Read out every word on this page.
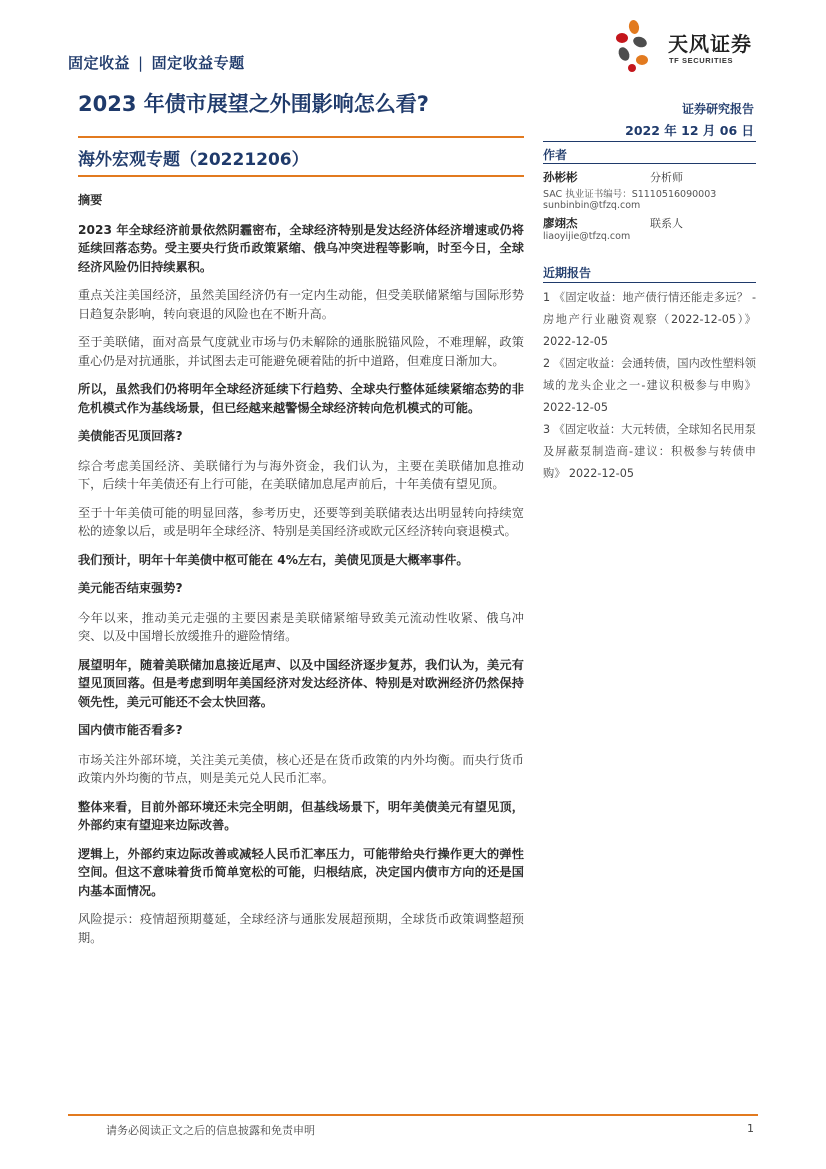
固定收益 | 固定收益专题
天风证券
TF SECURITIES
2023 年债市展望之外围影响怎么看?	证券研究报告
2022 年 12 月 06 日
海外宏观专题（20221206）
摘要
2023 年全球经济前景依然阴霾密布，全球经济特别是发达经济体经济增速或仍将延续回落态势。受主要央行货币政策紧缩、俄乌冲突进程等影响，时至今日，全球经济风险仍旧持续累积。
重点关注美国经济，虽然美国经济仍有一定内生动能，但受美联储紧缩与国际形势日趋复杂影响，转向衰退的风险也在不断升高。
至于美联储，面对高景气度就业市场与仍未解除的通胀脱锚风险，不难理解，政策重心仍是对抗通胀，并试图去走可能避免硬着陆的折中道路，但难度日渐加大。
所以，虽然我们仍将明年全球经济延续下行趋势、全球央行整体延续紧缩态势的非危机模式作为基线场景，但已经越来越警惕全球经济转向危机模式的可能。
美债能否见顶回落?
综合考虑美国经济、美联储行为与海外资金，我们认为，主要在美联储加息推动下，后续十年美债还有上行可能，在美联储加息尾声前后，十年美债有望见顶。
至于十年美债可能的明显回落，参考历史，还要等到美联储表达出明显转向持续宽松的迹象以后，或是明年全球经济、特别是美国经济或欧元区经济转向衰退模式。
我们预计，明年十年美债中枢可能在 4%左右，美债见顶是大概率事件。
美元能否结束强势?
今年以来，推动美元走强的主要因素是美联储紧缩导致美元流动性收紧、俄乌冲突、以及中国增长放缓推升的避险情绪。
展望明年，随着美联储加息接近尾声、以及中国经济逐步复苏，我们认为，美元有望见顶回落。但是考虑到明年美国经济对发达经济体、特别是对欧洲经济仍然保持领先性，美元可能还不会太快回落。
国内债市能否看多?
市场关注外部环境，关注美元美债，核心还是在货币政策的内外均衡。而央行货币政策内外均衡的节点，则是美元兑人民币汇率。
整体来看，目前外部环境还未完全明朗，但基线场景下，明年美债美元有望见顶，外部约束有望迎来边际改善。
逻辑上，外部约束边际改善或减轻人民币汇率压力，可能带给央行操作更大的弹性空间。但这不意味着货币简单宽松的可能，归根结底，决定国内债市方向的还是国内基本面情况。
风险提示：疫情超预期蔓延，全球经济与通胀发展超预期，全球货币政策调整超预期。
作者
孙彬彬	分析师
SAC 执业证书编号：S1110516090003
sunbinbin@tfzq.com
廖翊杰	联系人
liaoyijie@tfzq.com
近期报告
1 《固定收益：地产债行情还能走多远？ - 房地产行业融资观察（2022-12-05）》 2022-12-05
2 《固定收益：会通转债，国内改性塑料领域的龙头企业之一-建议积极参与申购》 2022-12-05
3 《固定收益：大元转债，全球知名民用泵及屏蔽泵制造商-建议：积极参与转债申购》 2022-12-05
请务必阅读正文之后的信息披露和免责申明	1
